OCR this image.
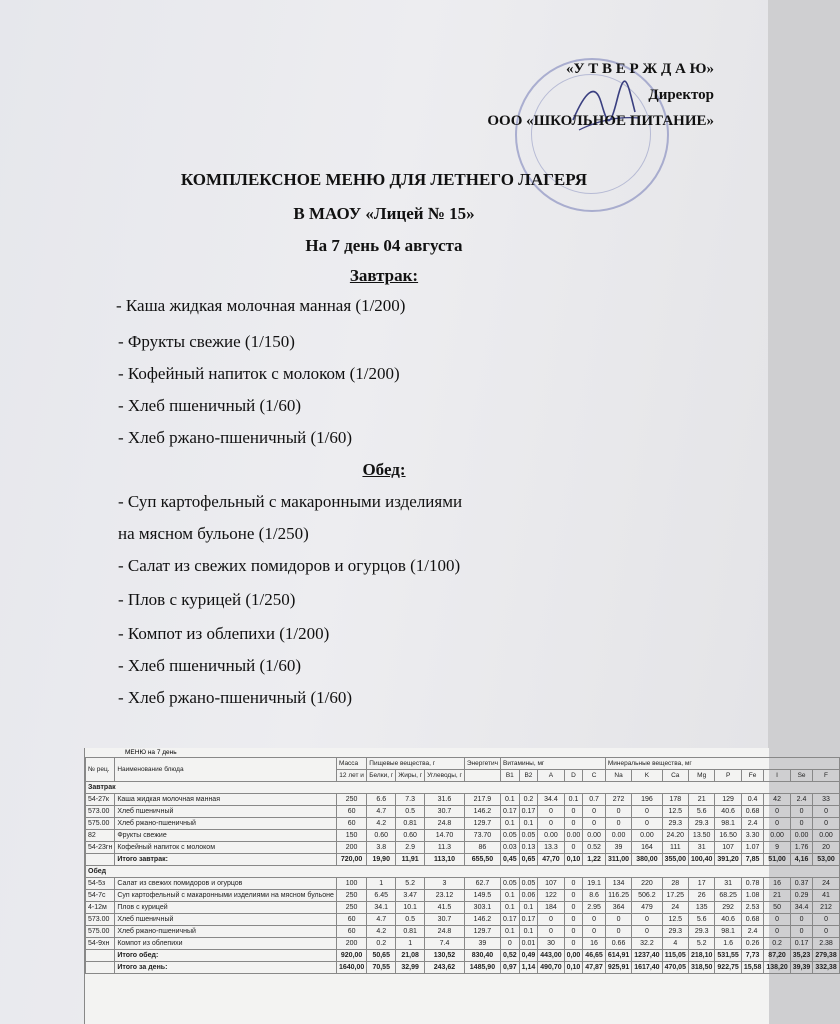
«У Т В Е Р Ж Д А Ю»
Директор
ООО «ШКОЛЬНОЕ ПИТАНИЕ»
КОМПЛЕКСНОЕ МЕНЮ ДЛЯ ЛЕТНЕГО ЛАГЕРЯ
В МАОУ «Лицей № 15»
На 7 день 04 августа
Завтрак:
- Каша жидкая молочная манная (1/200)
- Фрукты свежие (1/150)
- Кофейный напиток с молоком (1/200)
- Хлеб пшеничный (1/60)
- Хлеб ржано-пшеничный (1/60)
Обед:
- Суп картофельный с макаронными изделиями
на мясном бульоне (1/250)
- Салат из свежих помидоров и огурцов (1/100)
- Плов с курицей (1/250)
- Компот из облепихи (1/200)
- Хлеб пшеничный (1/60)
- Хлеб ржано-пшеничный (1/60)
МЕНЮ на 7 день
№ рец.	Наименование блюда	Масса	Пищевые вещества, г			Энергетич	Витамины, мг					Минеральные вещества, мг								
		12 лет и	Белки, г	Жиры, г	Углеводы, г		B1	B2	A	D	C	Na	K	Ca	Mg	P	Fe	I	Se	F
Завтрак																				
54-27к	Каша жидкая молочная манная	250	6.6	7.3	31.6	217.9	0.1	0.2	34.4	0.1	0.7	272	196	178	21	129	0.4	42	2.4	33
573.00	Хлеб пшеничный	60	4.7	0.5	30.7	146.2	0.17	0.17	0	0	0	0	0	12.5	5.6	40.6	0.68	0	0	0
575.00	Хлеб ржано-пшеничный	60	4.2	0.81	24.8	129.7	0.1	0.1	0	0	0	0	0	29.3	29.3	98.1	2.4	0	0	0
82	Фрукты свежие	150	0.60	0.60	14.70	73.70	0.05	0.05	0.00	0.00	0.00	0.00	0.00	24.20	13.50	16.50	3.30	0.00	0.00	0.00
54-23гн	Кофейный напиток с молоком	200	3.8	2.9	11.3	86	0.03	0.13	13.3	0	0.52	39	164	111	31	107	1.07	9	1.76	20
	Итого завтрак:	720,00	19,90	11,91	113,10	655,50	0,45	0,65	47,70	0,10	1,22	311,00	380,00	355,00	100,40	391,20	7,85	51,00	4,16	53,00
Обед																				
54-5з	Салат из свежих помидоров и огурцов	100	1	5.2	3	62.7	0.05	0.05	107	0	19.1	134	220	28	17	31	0.78	16	0.37	24
54-7с	Суп картофельный с макаронными изделиями на мясном бульоне	250	6.45	3.47	23.12	149.5	0.1	0.06	122	0	8.6	116.25	506.2	17.25	26	68.25	1.08	21	0.29	41
4-12м	Плов с курицей	250	34.1	10.1	41.5	303.1	0.1	0.1	184	0	2.95	364	479	24	135	292	2.53	50	34.4	212
573.00	Хлеб пшеничный	60	4.7	0.5	30.7	146.2	0.17	0.17	0	0	0	0	0	12.5	5.6	40.6	0.68	0	0	0
575.00	Хлеб ржано-пшеничный	60	4.2	0.81	24.8	129.7	0.1	0.1	0	0	0	0	0	29.3	29.3	98.1	2.4	0	0	0
54-9хн	Компот из облепихи	200	0.2	1	7.4	39	0	0.01	30	0	16	0.66	32.2	4	5.2	1.6	0.26	0.2	0.17	2.38
	Итого обед:	920,00	50,65	21,08	130,52	830,40	0,52	0,49	443,00	0,00	46,65	614,91	1237,40	115,05	218,10	531,55	7,73	87,20	35,23	279,38
	Итого за день:	1640,00	70,55	32,99	243,62	1485,90	0,97	1,14	490,70	0,10	47,87	925,91	1617,40	470,05	318,50	922,75	15,58	138,20	39,39	332,38
